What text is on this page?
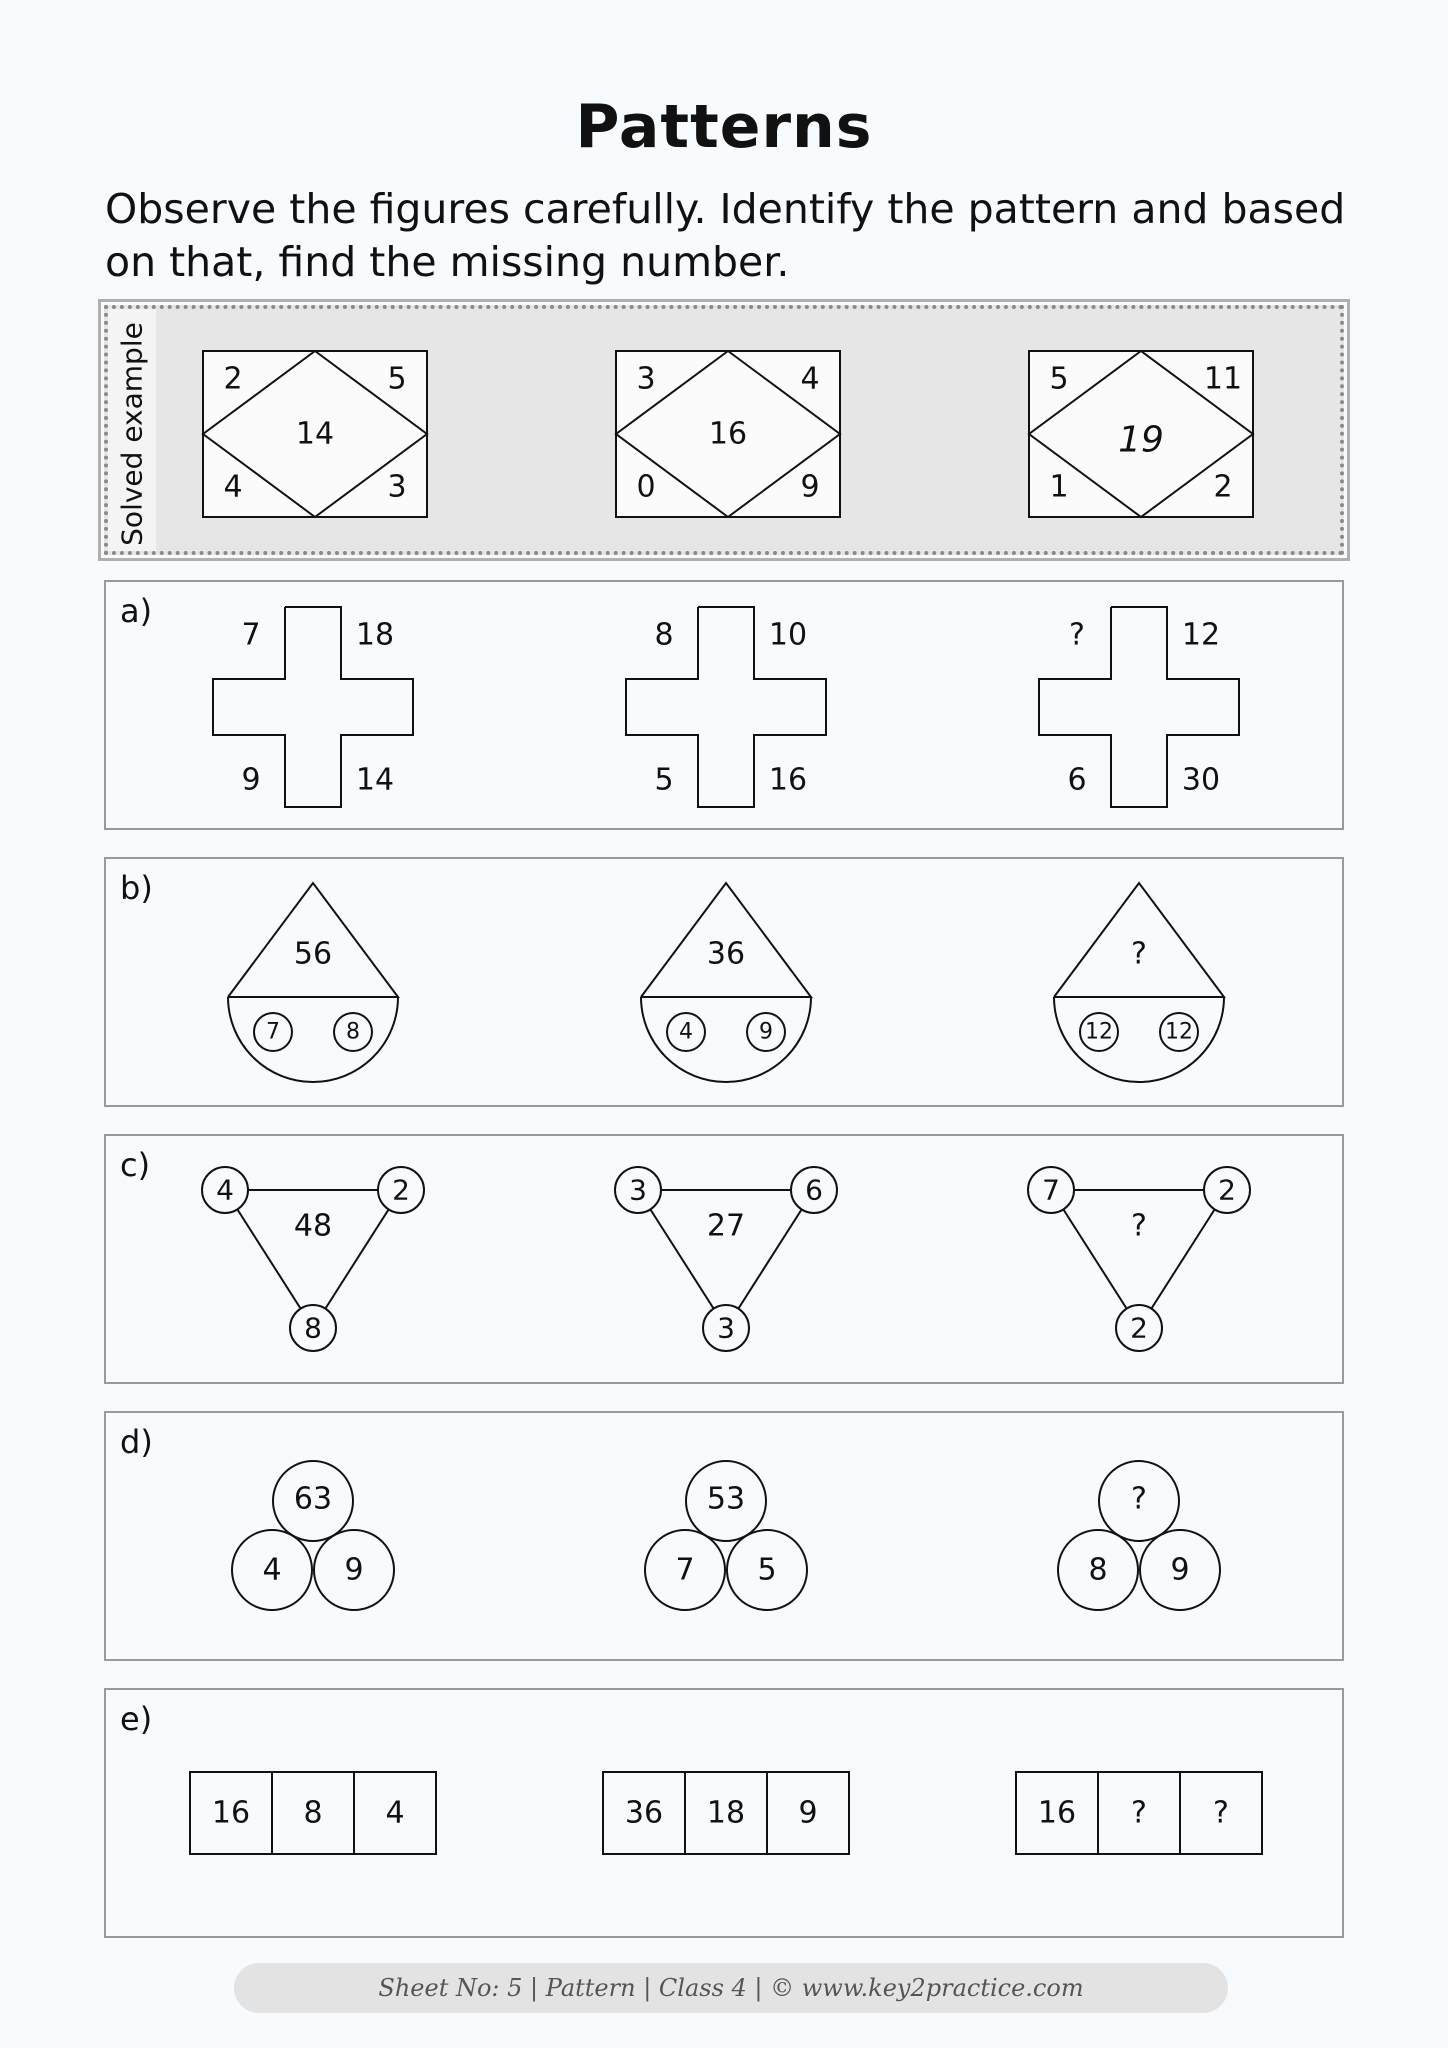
Patterns
Observe the figures carefully. Identify the pattern and based on that, find the missing number.
Solved example 2	5
4	3
14
3	4
0	9
16
5	11
1	2
19
a)
7	18
9	14
8	10
5	16
?	12
6	30
b)
56
7	8
36
4	9
?
12 12
c)
4	2
8
48
3	6
3
27
7	2
2
?
d)
63
4 9
53
7 5
?
8 9
e)
16 8 4	36 18 9	16 ? ?
Sheet No: 5 | Pattern | Class 4 | © www.key2practice.com
